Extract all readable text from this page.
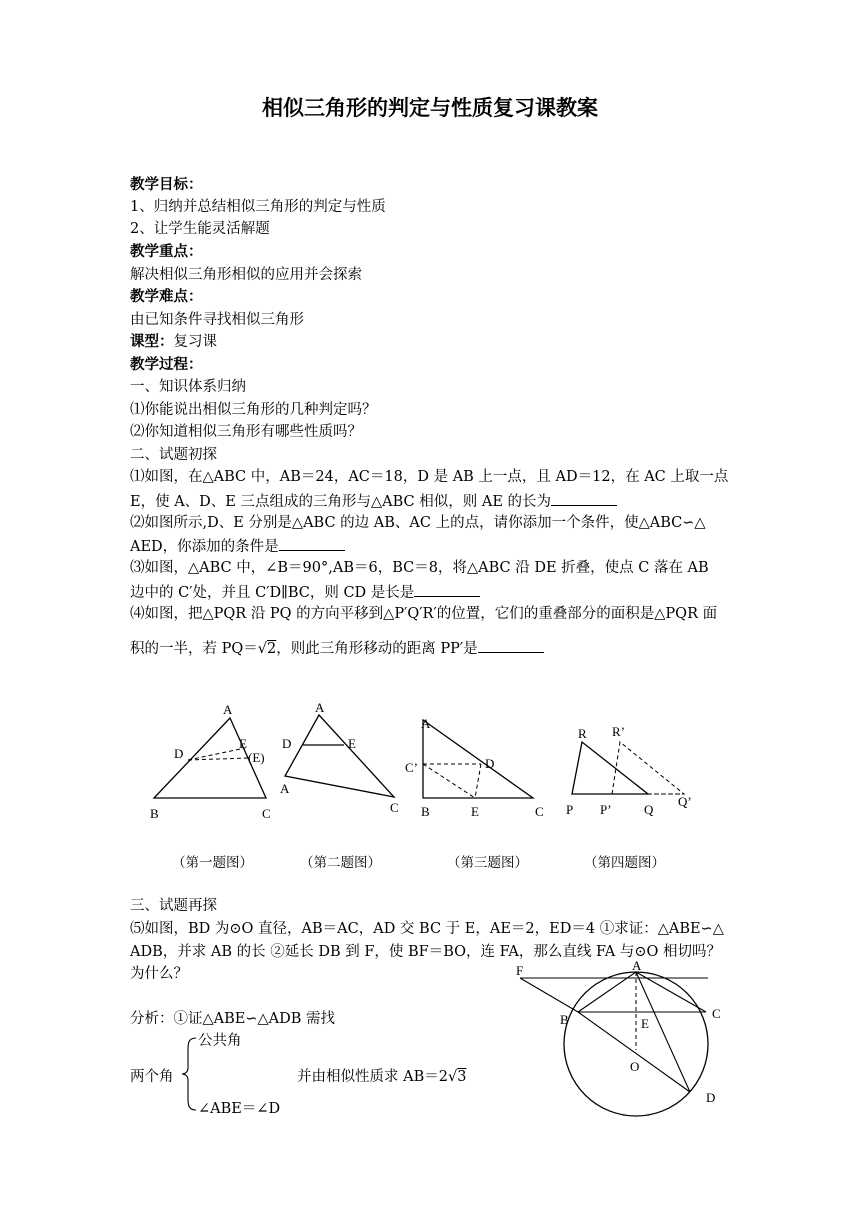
相似三角形的判定与性质复习课教案
教学目标：
1、归纳并总结相似三角形的判定与性质
2、让学生能灵活解题
教学重点：
解决相似三角形相似的应用并会探索
教学难点：
由已知条件寻找相似三角形
课型：复习课
教学过程：
一、知识体系归纳
⑴你能说出相似三角形的几种判定吗？
⑵你知道相似三角形有哪些性质吗？
二、试题初探
⑴如图，在△ABC 中，AB＝24，AC＝18，D 是 AB 上一点，且 AD＝12，在 AC 上取一点
E，使 A、D、E 三点组成的三角形与△ABC 相似，则 AE 的长为
⑵如图所示,D、E 分别是△ABC 的边 AB、AC 上的点，请你添加一个条件，使△ABC∽△
AED，你添加的条件是
⑶如图，△ABC 中，∠B＝90°,AB＝6，BC＝8，将△ABC 沿 DE 折叠，使点 C 落在 AB
边中的 C′处，并且 C′D∥BC，则 CD 是长是
⑷如图，把△PQR 沿 PQ 的方向平移到△P′Q′R′的位置，它们的重叠部分的面积是△PQR 面
积的一半，若 PQ＝√2，则此三角形移动的距离 PP′是
A
D
E
(E)
B	C
A
D	E
A
C
A
C’	D
B	E	C
R R’
P P’ Q
Q’
（第一题图）	（第二题图）	（第三题图）	（第四题图）
三、试题再探
⑸如图，BD 为⊙O 直径，AB＝AC，AD 交 BC 于 E，AE＝2，ED＝4 ①求证：△ABE∽△
ADB，并求 AB 的长 ②延长 DB 到 F，使 BF＝BO，连 FA，那么直线 FA 与⊙O 相切吗？
为什么？	F	A
B	C
E
O
D
分析：①证△ABE∽△ADB 需找
公共角
两个角
∠ABE＝∠D
并由相似性质求 AB＝2√3
